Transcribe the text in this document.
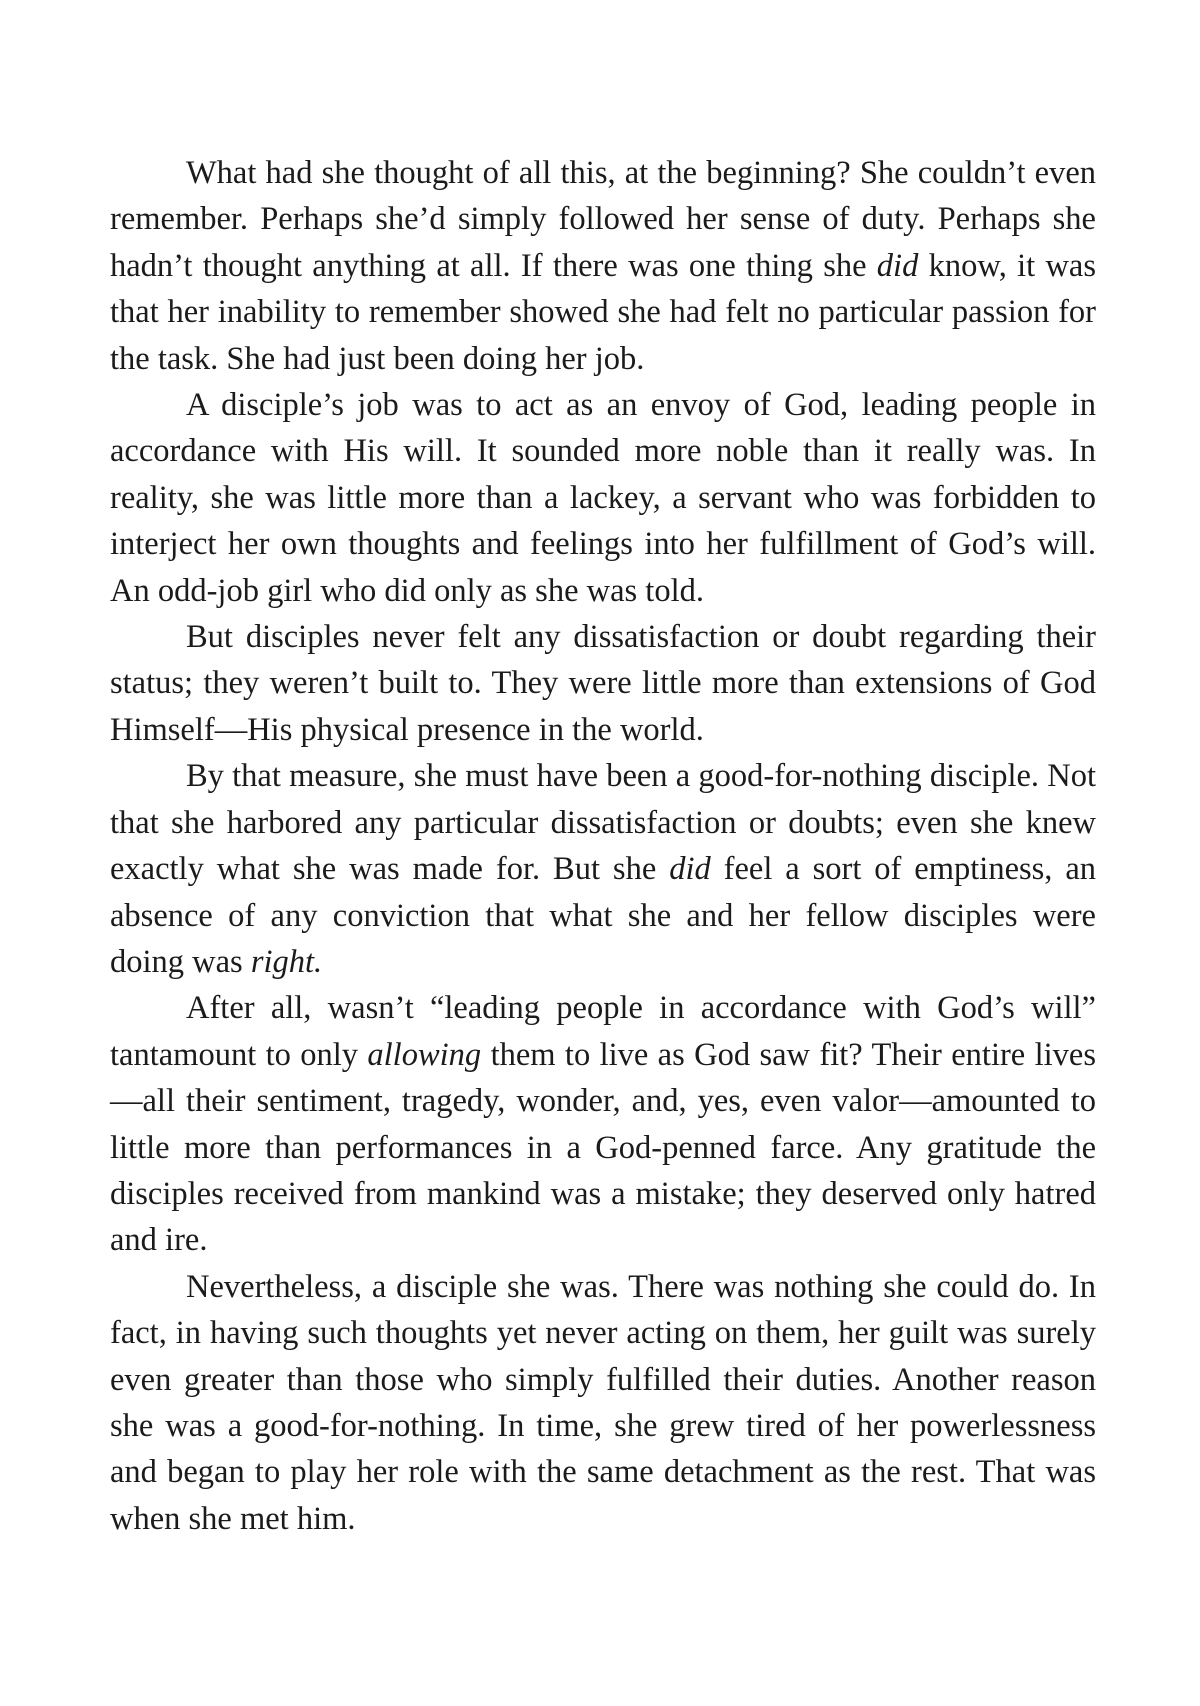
What had she thought of all this, at the beginning? She couldn’t even remember. Perhaps she’d simply followed her sense of duty. Perhaps she hadn’t thought anything at all. If there was one thing she did know, it was that her inability to remember showed she had felt no particular passion for the task. She had just been doing her job.

A disciple’s job was to act as an envoy of God, leading people in accordance with His will. It sounded more noble than it really was. In reality, she was little more than a lackey, a servant who was forbidden to interject her own thoughts and feelings into her fulfillment of God’s will. An odd-job girl who did only as she was told.

But disciples never felt any dissatisfaction or doubt regarding their status; they weren’t built to. They were little more than extensions of God Himself—His physical presence in the world.

By that measure, she must have been a good-for-nothing disciple. Not that she harbored any particular dissatisfaction or doubts; even she knew exactly what she was made for. But she did feel a sort of emptiness, an absence of any conviction that what she and her fellow disciples were doing was right.

After all, wasn’t “leading people in accordance with God’s will” tantamount to only allowing them to live as God saw fit? Their entire lives—all their sentiment, tragedy, wonder, and, yes, even valor—amounted to little more than performances in a God-penned farce. Any gratitude the disciples received from mankind was a mistake; they deserved only hatred and ire.

Nevertheless, a disciple she was. There was nothing she could do. In fact, in having such thoughts yet never acting on them, her guilt was surely even greater than those who simply fulfilled their duties. Another reason she was a good-for-nothing. In time, she grew tired of her powerlessness and began to play her role with the same detachment as the rest. That was when she met him.
